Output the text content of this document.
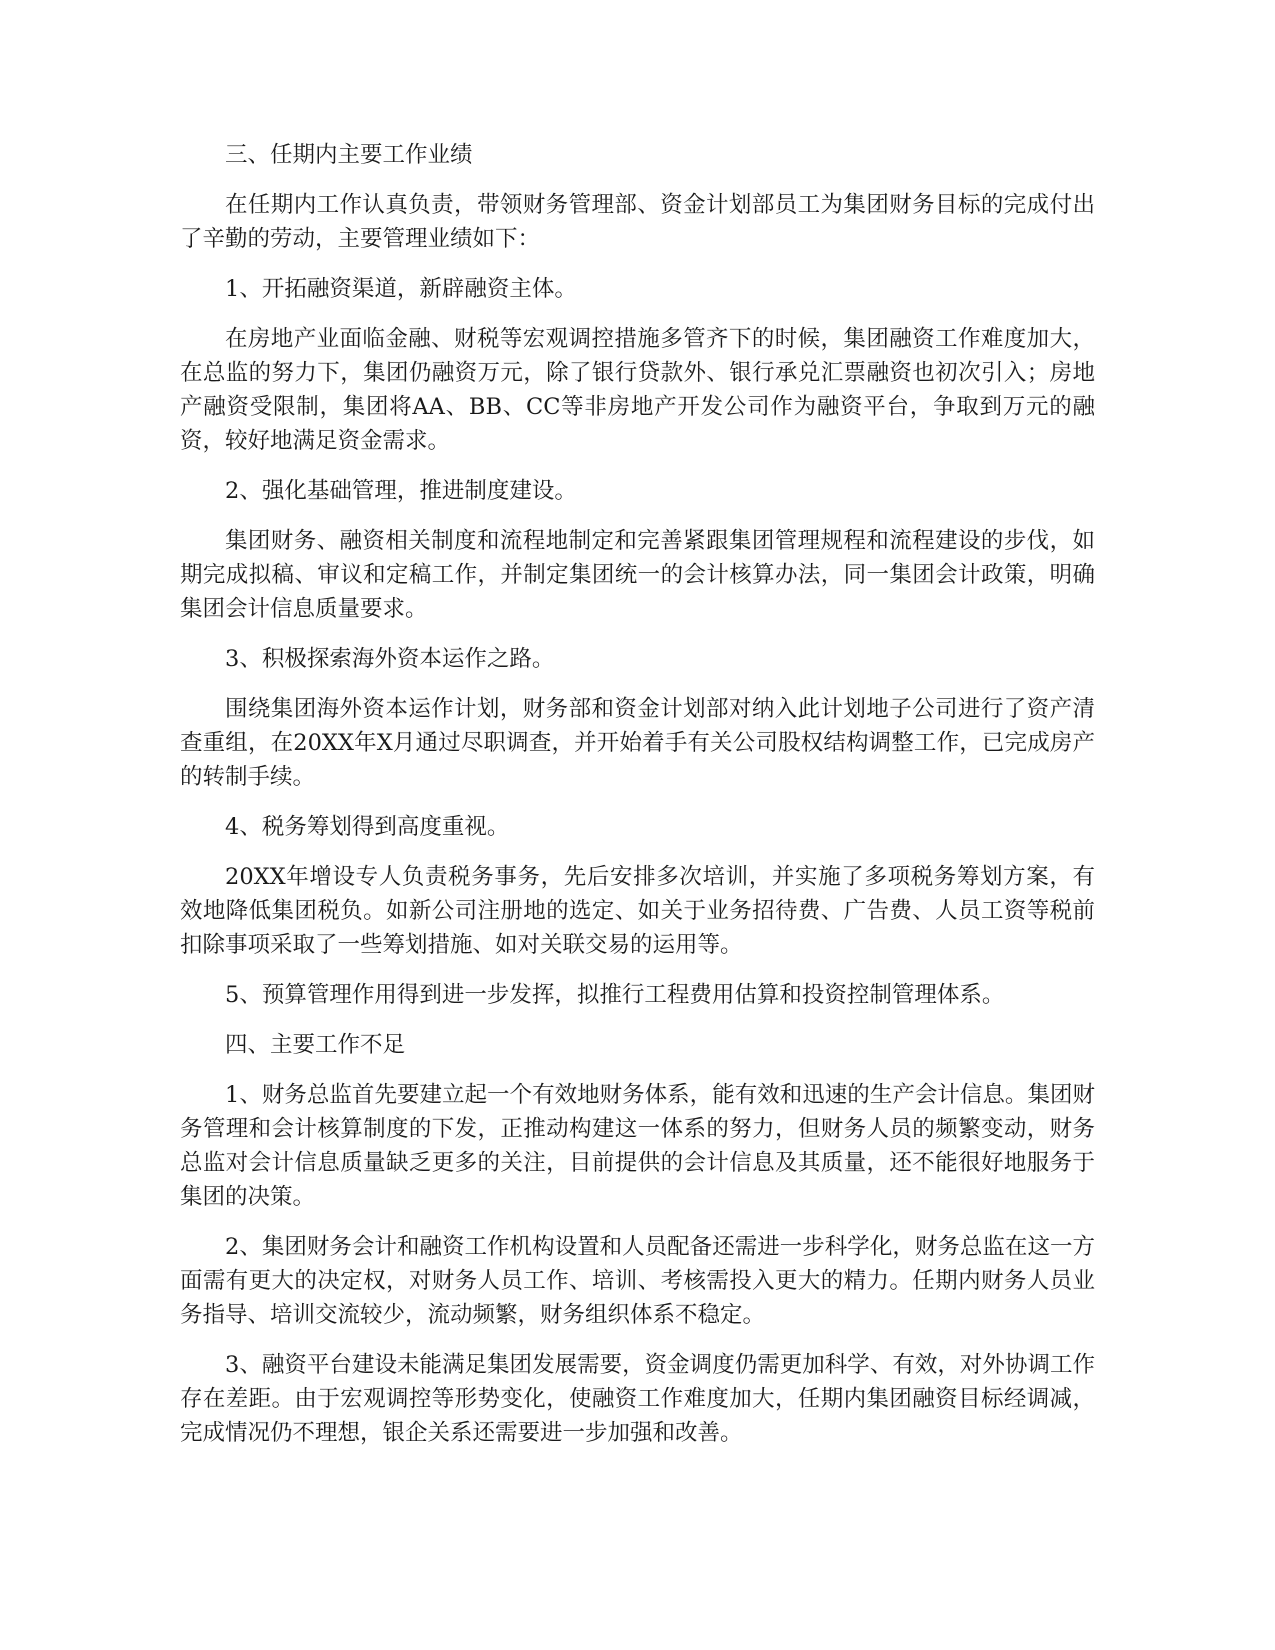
三、任期内主要工作业绩

在任期内工作认真负责，带领财务管理部、资金计划部员工为集团财务目标的完成付出了辛勤的劳动，主要管理业绩如下：

1、开拓融资渠道，新辟融资主体。

在房地产业面临金融、财税等宏观调控措施多管齐下的时候，集团融资工作难度加大，在总监的努力下，集团仍融资万元，除了银行贷款外、银行承兑汇票融资也初次引入；房地产融资受限制，集团将AA、BB、CC等非房地产开发公司作为融资平台，争取到万元的融资，较好地满足资金需求。

2、强化基础管理，推进制度建设。

集团财务、融资相关制度和流程地制定和完善紧跟集团管理规程和流程建设的步伐，如期完成拟稿、审议和定稿工作，并制定集团统一的会计核算办法，同一集团会计政策，明确集团会计信息质量要求。

3、积极探索海外资本运作之路。

围绕集团海外资本运作计划，财务部和资金计划部对纳入此计划地子公司进行了资产清查重组，在20XX年X月通过尽职调查，并开始着手有关公司股权结构调整工作，已完成房产的转制手续。

4、税务筹划得到高度重视。

20XX年增设专人负责税务事务，先后安排多次培训，并实施了多项税务筹划方案，有效地降低集团税负。如新公司注册地的选定、如关于业务招待费、广告费、人员工资等税前扣除事项采取了一些筹划措施、如对关联交易的运用等。

5、预算管理作用得到进一步发挥，拟推行工程费用估算和投资控制管理体系。

四、主要工作不足

1、财务总监首先要建立起一个有效地财务体系，能有效和迅速的生产会计信息。集团财务管理和会计核算制度的下发，正推动构建这一体系的努力，但财务人员的频繁变动，财务总监对会计信息质量缺乏更多的关注，目前提供的会计信息及其质量，还不能很好地服务于集团的决策。

2、集团财务会计和融资工作机构设置和人员配备还需进一步科学化，财务总监在这一方面需有更大的决定权，对财务人员工作、培训、考核需投入更大的精力。任期内财务人员业务指导、培训交流较少，流动频繁，财务组织体系不稳定。

3、融资平台建设未能满足集团发展需要，资金调度仍需更加科学、有效，对外协调工作存在差距。由于宏观调控等形势变化，使融资工作难度加大，任期内集团融资目标经调减，完成情况仍不理想，银企关系还需要进一步加强和改善。
